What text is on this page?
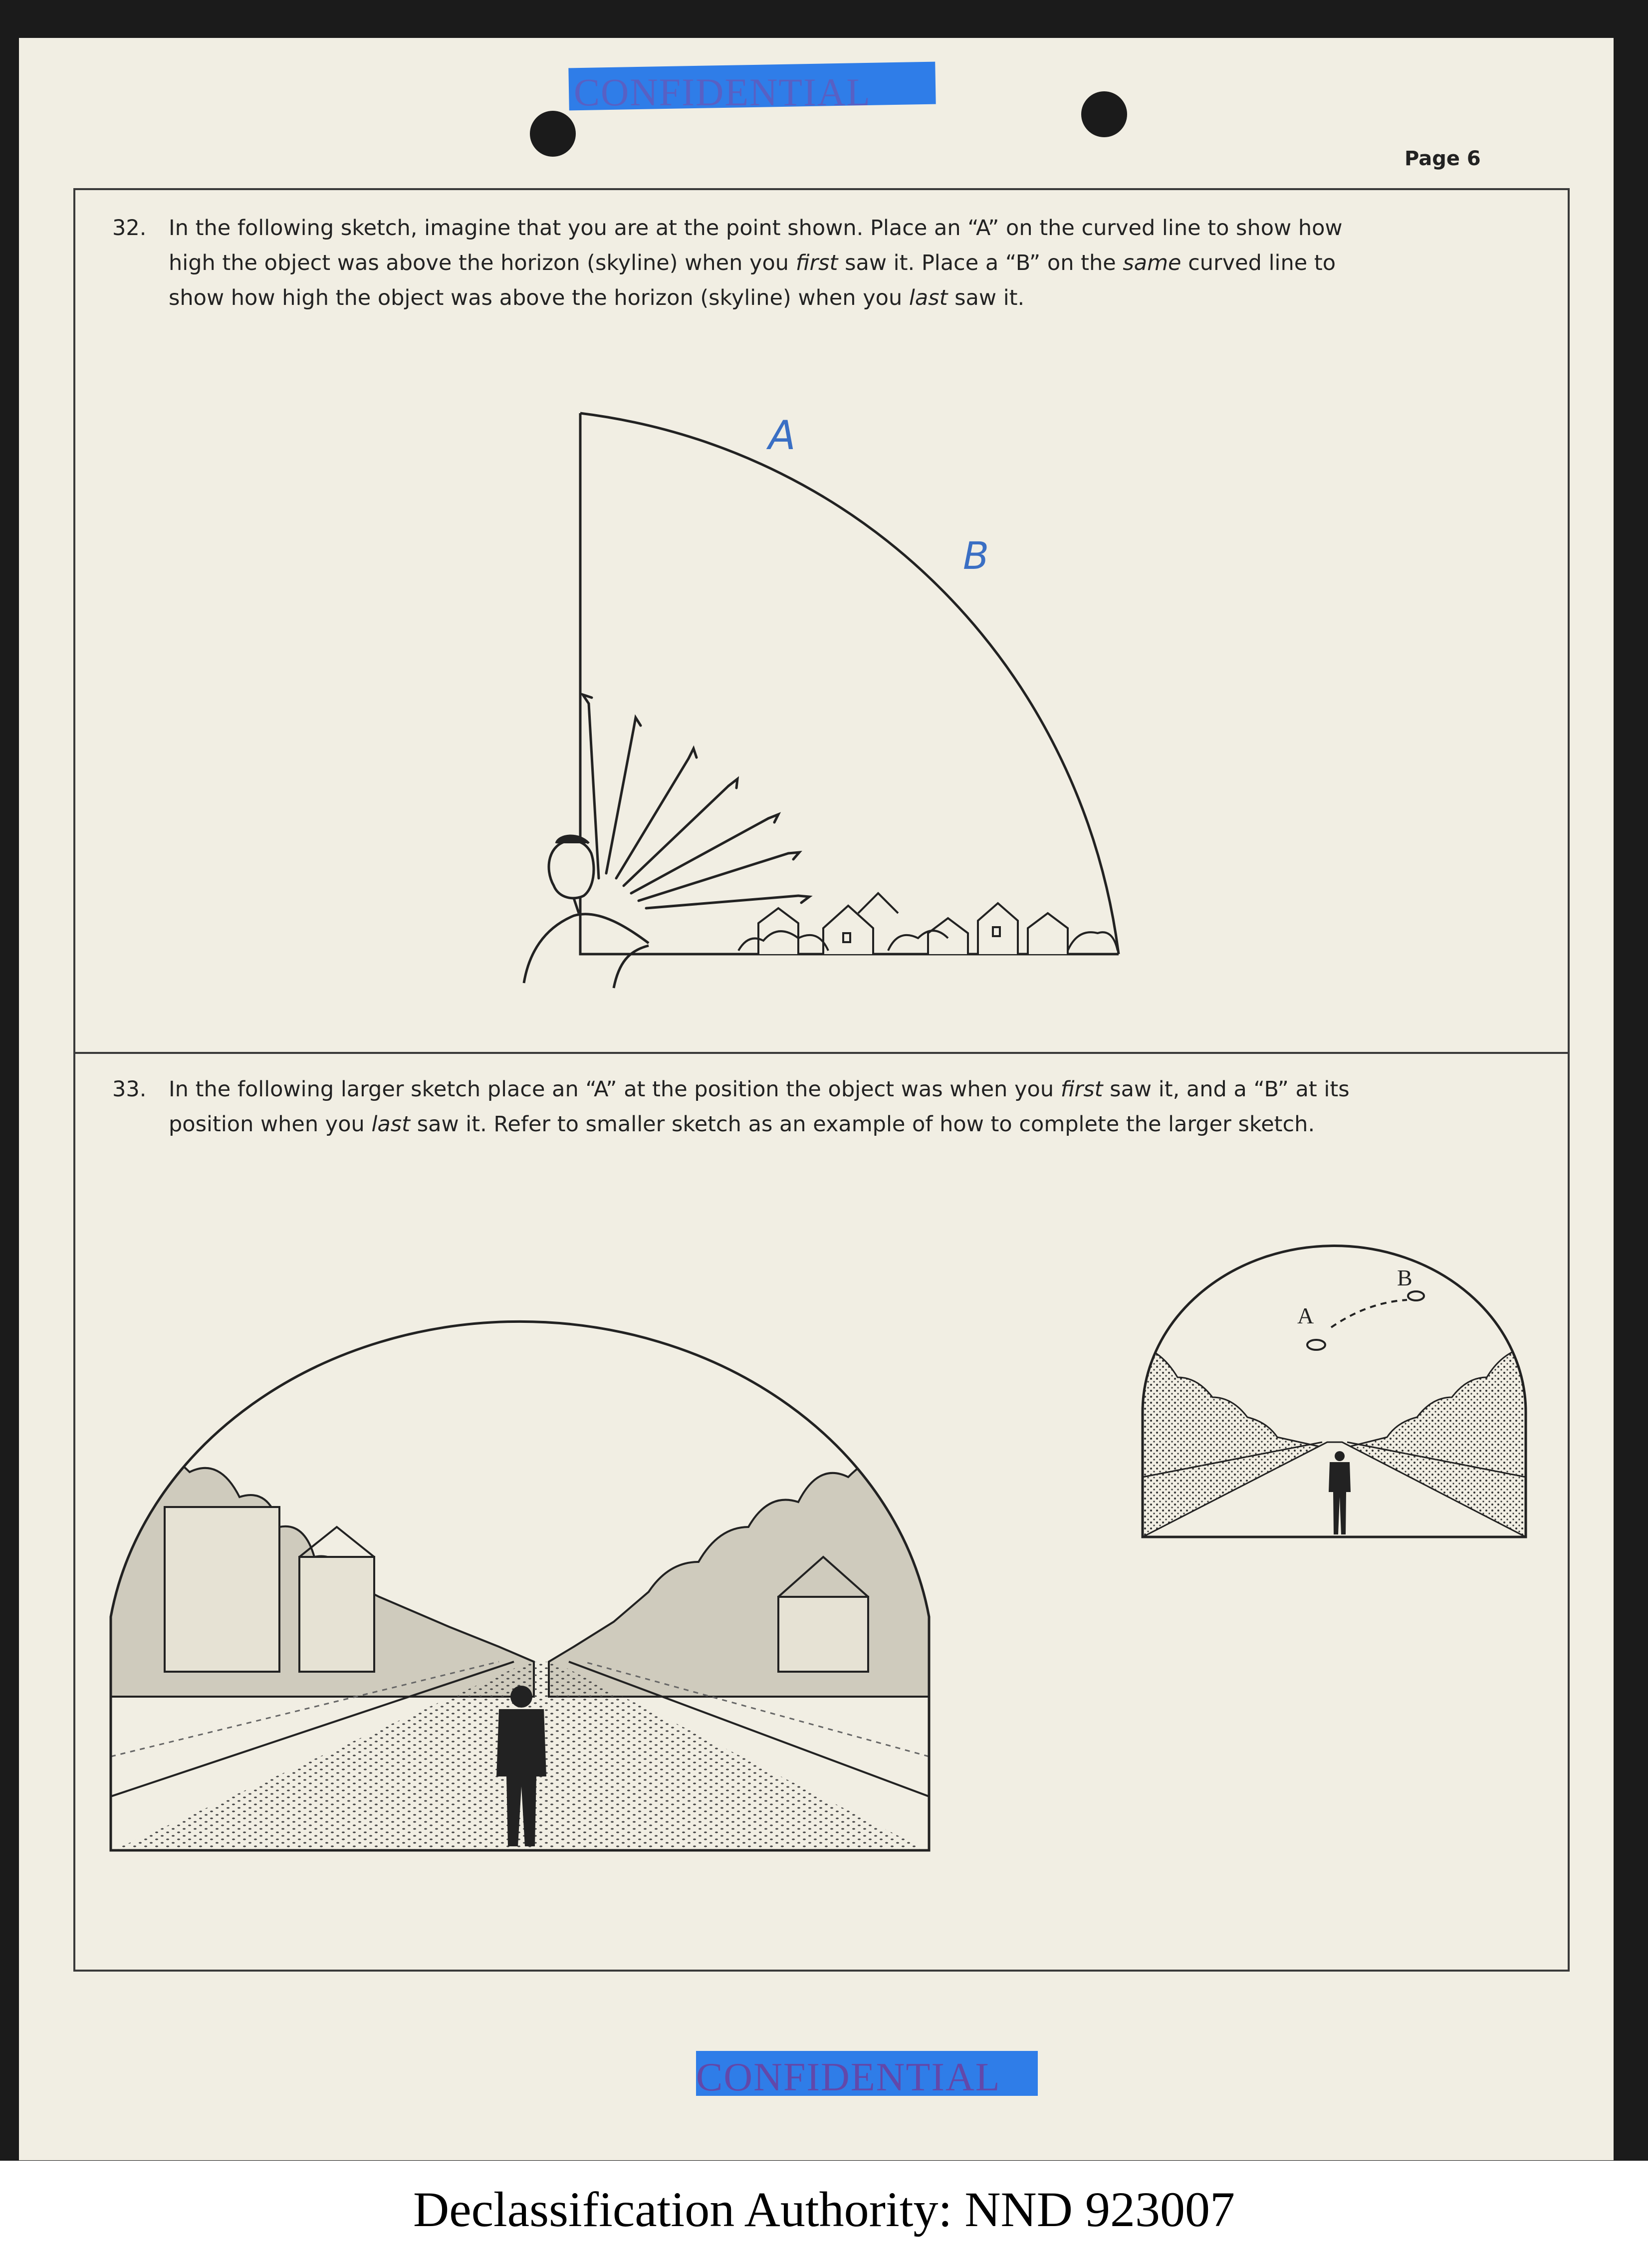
Declassification Authority: NND 923007
CONFIDENTIAL
Page 6
32. In the following sketch, imagine that you are at the point shown. Place an “A” on the curved line to show how
high the object was above the horizon (skyline) when you first saw it. Place a “B” on the same curved line to
show how high the object was above the horizon (skyline) when you last saw it.
33. In the following larger sketch place an “A” at the position the object was when you first saw it, and a “B” at its
position when you last saw it. Refer to smaller sketch as an example of how to complete the larger sketch.
A
B
A
B
CONFIDENTIAL
